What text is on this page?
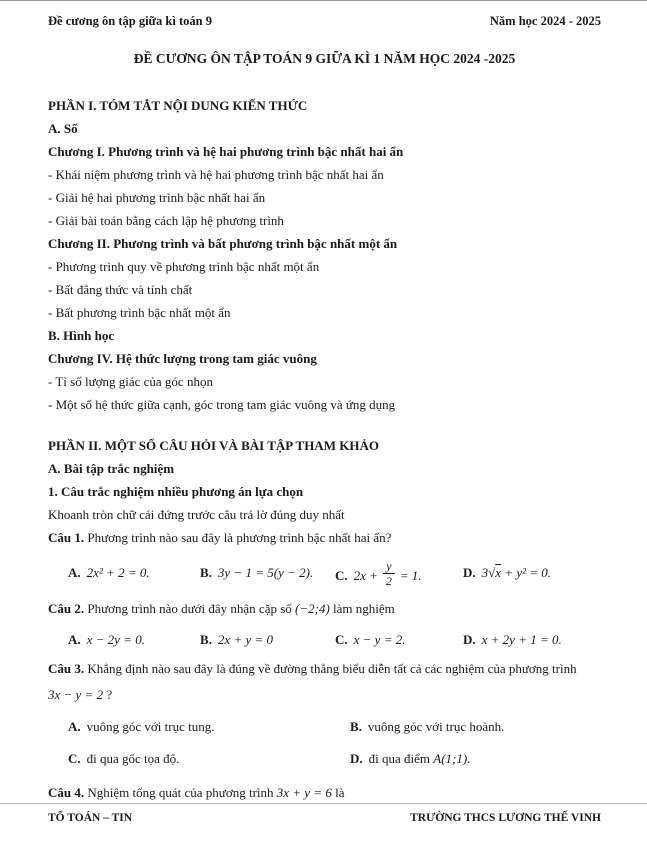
Đề cương ôn tập giữa kì toán 9	Năm học 2024 - 2025
ĐỀ CƯƠNG ÔN TẬP TOÁN 9 GIỮA KÌ 1 NĂM HỌC 2024 -2025
PHẦN I. TÓM TẮT NỘI DUNG KIẾN THỨC
A. Số
Chương I. Phương trình và hệ hai phương trình bậc nhất hai ẩn
- Khái niệm phương trình và hệ hai phương trình bậc nhất hai ẩn
- Giải hệ hai phương trình bậc nhất hai ẩn
- Giải bài toán bằng cách lập hệ phương trình
Chương II. Phương trình và bất phương trình bậc nhất một ẩn
- Phương trình quy về phương trình bậc nhất một ẩn
- Bất đẳng thức và tính chất
- Bất phương trình bậc nhất một ẩn
B. Hình học
Chương IV. Hệ thức lượng trong tam giác vuông
- Tỉ số lượng giác của góc nhọn
- Một số hệ thức giữa cạnh, góc trong tam giác vuông và ứng dụng
PHẦN II. MỘT SỐ CÂU HỎI VÀ BÀI TẬP THAM KHẢO
A. Bài tập trắc nghiệm
1. Câu trắc nghiệm nhiều phương án lựa chọn
Khoanh tròn chữ cái đứng trước câu trả lờ đúng duy nhất
Câu 1. Phương trình nào sau đây là phương trình bậc nhất hai ẩn?
A. 2x² + 2 = 0.	B. 3y − 1 = 5(y − 2).	C. $2x + \frac{y}{2} = 1$.	D. 3√x + y² = 0.
Câu 2. Phương trình nào dưới đây nhận cặp số (−2;4) làm nghiệm
A. x − 2y = 0.	B. 2x + y = 0	C. x − y = 2.	D. x + 2y + 1 = 0.
Câu 3. Khẳng định nào sau đây là đúng về đường thẳng biểu diễn tất cả các nghiệm của phương trình
3x − y = 2 ?
A. vuông góc với trục tung.	B. vuông góc với trục hoành.
C. đi qua gốc tọa độ.	D. đi qua điểm A(1;1).
Câu 4. Nghiệm tổng quát của phương trình 3x + y = 6 là
TỔ TOÁN – TIN	TRƯỜNG THCS LƯƠNG THẾ VINH
